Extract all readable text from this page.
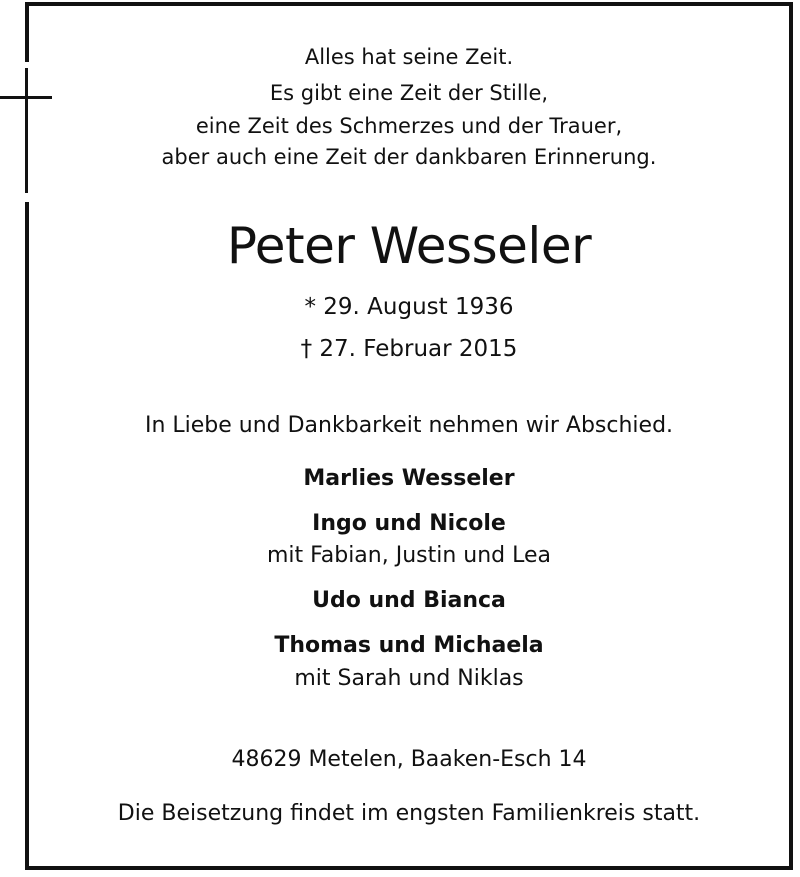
Alles hat seine Zeit.
Es gibt eine Zeit der Stille,
eine Zeit des Schmerzes und der Trauer,
aber auch eine Zeit der dankbaren Erinnerung.
Peter Wesseler
* 29. August 1936
† 27. Februar 2015
In Liebe und Dankbarkeit nehmen wir Abschied.
Marlies Wesseler
Ingo und Nicole
mit Fabian, Justin und Lea
Udo und Bianca
Thomas und Michaela
mit Sarah und Niklas
48629 Metelen, Baaken-Esch 14
Die Beisetzung findet im engsten Familienkreis statt.
